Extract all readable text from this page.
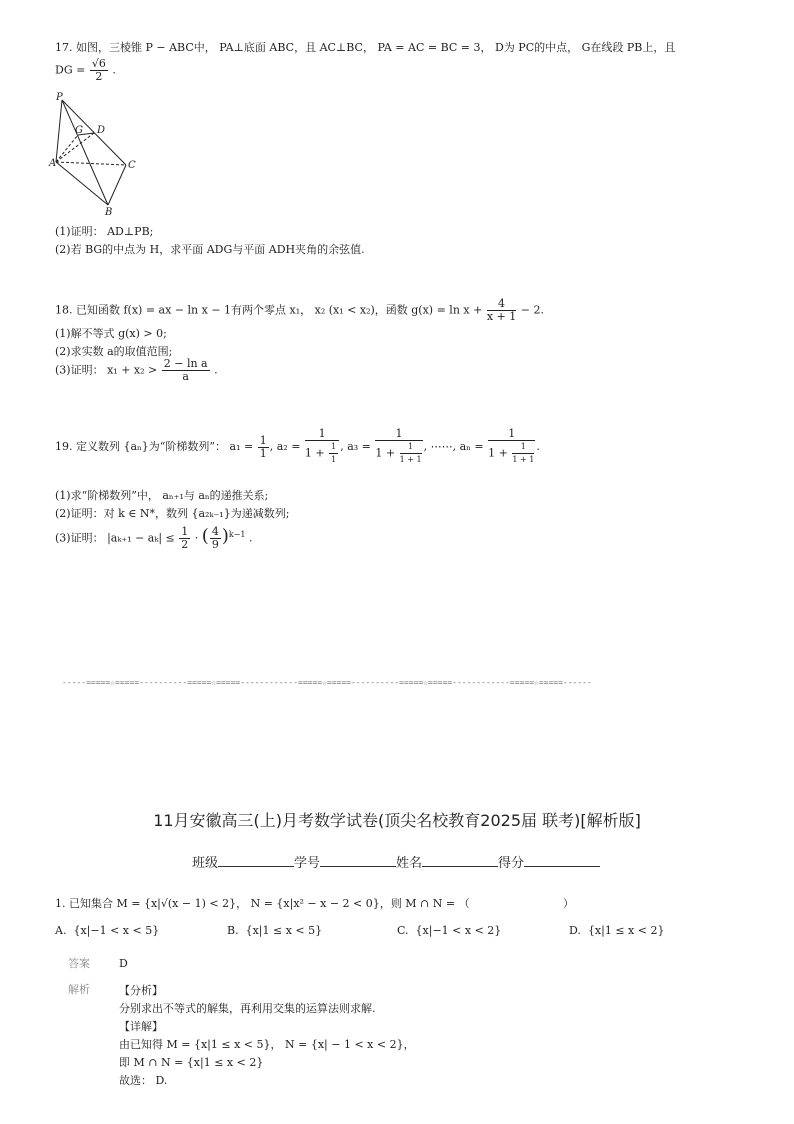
17. 如图，三棱锥 P − ABC中， PA⊥底面 ABC，且 AC⊥BC， PA = AC = BC = 3， D为 PC的中点， G在线段 PB上，且
DG = $\frac{√6}{2}$ .
P
G D
A	C
B
(1)证明： AD⊥PB;
(2)若 BG的中点为 H，求平面 ADG与平面 ADH夹角的余弦值.
18. 已知函数 f(x) = ax − ln x − 1有两个零点 x₁， x₂ (x₁ < x₂)，函数 $g(x) = \ln x + \frac{4}{x + 1} - 2$.
(1)解不等式 g(x) > 0;
(2)求实数 a的取值范围;
(3)证明： $x_1 + x_2 > \frac{\text{2 − ln a}}{a}$ .
19. 定义数列 {aₙ}为“阶梯数列”： $a_1 = \frac{1}{1}$ , $a_2 = \frac{1}{1 + \frac{1}{1}}$ , $a_3 = \frac{1}{1 + \frac{1}{1 + 1}}$ , ⋯⋯, $a_n = \frac{1}{1 + \frac{1}{1 + 1}}$ .
(1)求“阶梯数列”中， aₙ₊₁与 aₙ的递推关系;
(2)证明：对 k ∈ N*，数列 {a₂ₖ₋₁}为递减数列;
(3)证明： $|a_{k+1} - a_k| \le \frac{1}{2}$ · ( $\frac{4}{9} )^{k-1}$ .
-----=====☆=====----------=====☆=====------------=====☆=====----------=====☆=====------------=====☆=====------
11月安徽高三(上)月考数学试卷(顶尖名校教育2025届 联考)[解析版]
班级	学号	姓名	得分
1. 已知集合 M = {x|√(x − 1) < 2}， N = {x|x² − x − 2 < 0}，则 M ∩ N = （	）
A. {x|−1 < x < 5}	B. {x|1 ≤ x < 5}	C. {x|−1 < x < 2}	D. {x|1 ≤ x < 2}
答案	D
解析	【分析】
分别求出不等式的解集，再利用交集的运算法则求解.
【详解】
由已知得 M = {x|1 ≤ x < 5}， N = {x| − 1 < x < 2}，
即 M ∩ N = {x|1 ≤ x < 2}
故选： D.
